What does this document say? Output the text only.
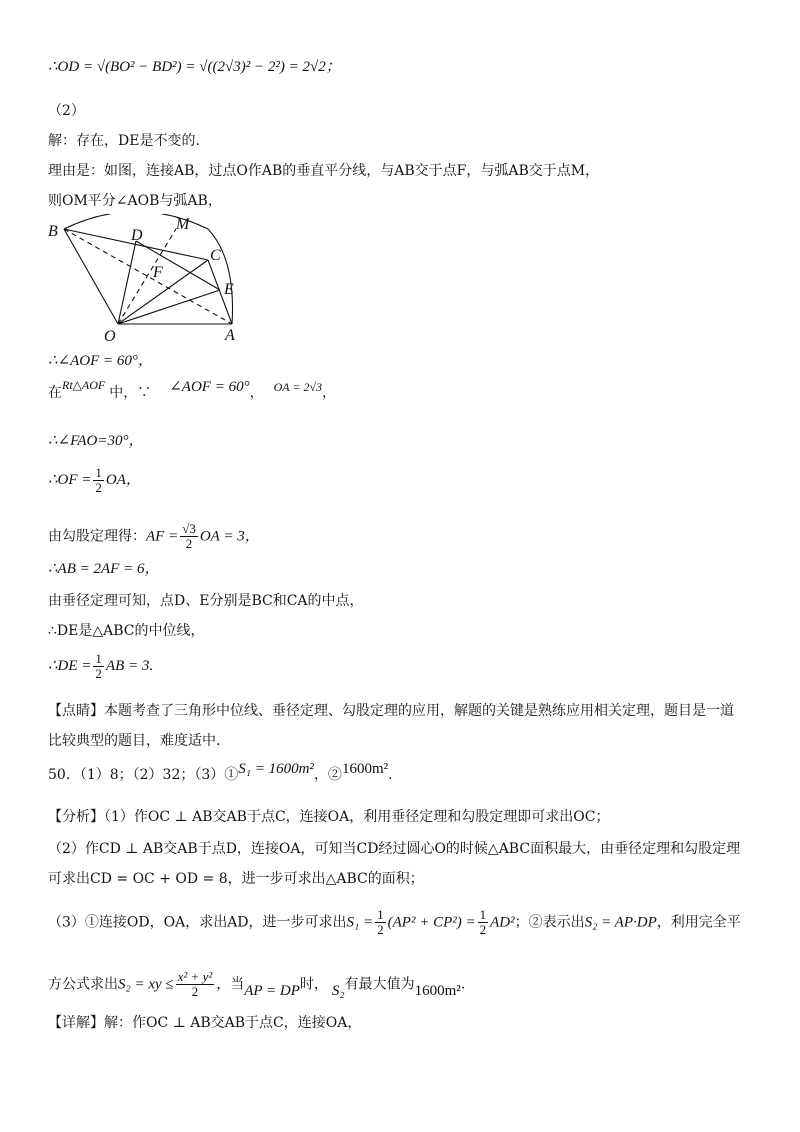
∴OD = √(BO² − BD²) = √((2√3)² − 2²) = 2√2；
（2）
解：存在，DE是不变的.
理由是：如图，连接AB，过点O作AB的垂直平分线，与AB交于点F，与弧AB交于点M，
则OM平分∠AOB与弧AB，
B	D
M
C
F
E
O	A
∴∠AOF = 60°，
在Rt△AOF 中，∵ ∠AOF = 60°， OA = 2√3，
∴∠FAO=30°，
∴OF = $\frac{1}{2}$ OA，
由勾股定理得：AF = $\frac{√3}{2}$ OA = 3，
∴AB = 2AF = 6，
由垂径定理可知，点D、E分别是BC和CA的中点，
∴DE是△ABC的中位线，
∴DE = $\frac{1}{2}$ AB = 3.
【点睛】本题考查了三角形中位线、垂径定理、勾股定理的应用，解题的关键是熟练应用相关定理，题目是一道
比较典型的题目，难度适中.
50．（1）8；（2）32；（3）①S₁ = 1600m²，②1600m².
【分析】（1）作OC ⊥ AB交AB于点C，连接OA，利用垂径定理和勾股定理即可求出OC；
（2）作CD ⊥ AB交AB于点D，连接OA，可知当CD经过圆心O的时候△ABC面积最大，由垂径定理和勾股定理
可求出CD = OC + OD = 8，进一步可求出△ABC的面积；
（3）①连接OD，OA，求出AD，进一步可求出$S_1 = \frac{1}{2} (AP^2 + CP^2) = \frac{1}{2} AD^2$；②表示出S₂ = AP·DP，利用完全平
方公式求出S₂ = xy ≤ $\frac{\text{x² + y²}}{2}$ ，当AP = DP时， S₂有最大值为1600m².
【详解】解：作OC ⊥ AB交AB于点C，连接OA，
